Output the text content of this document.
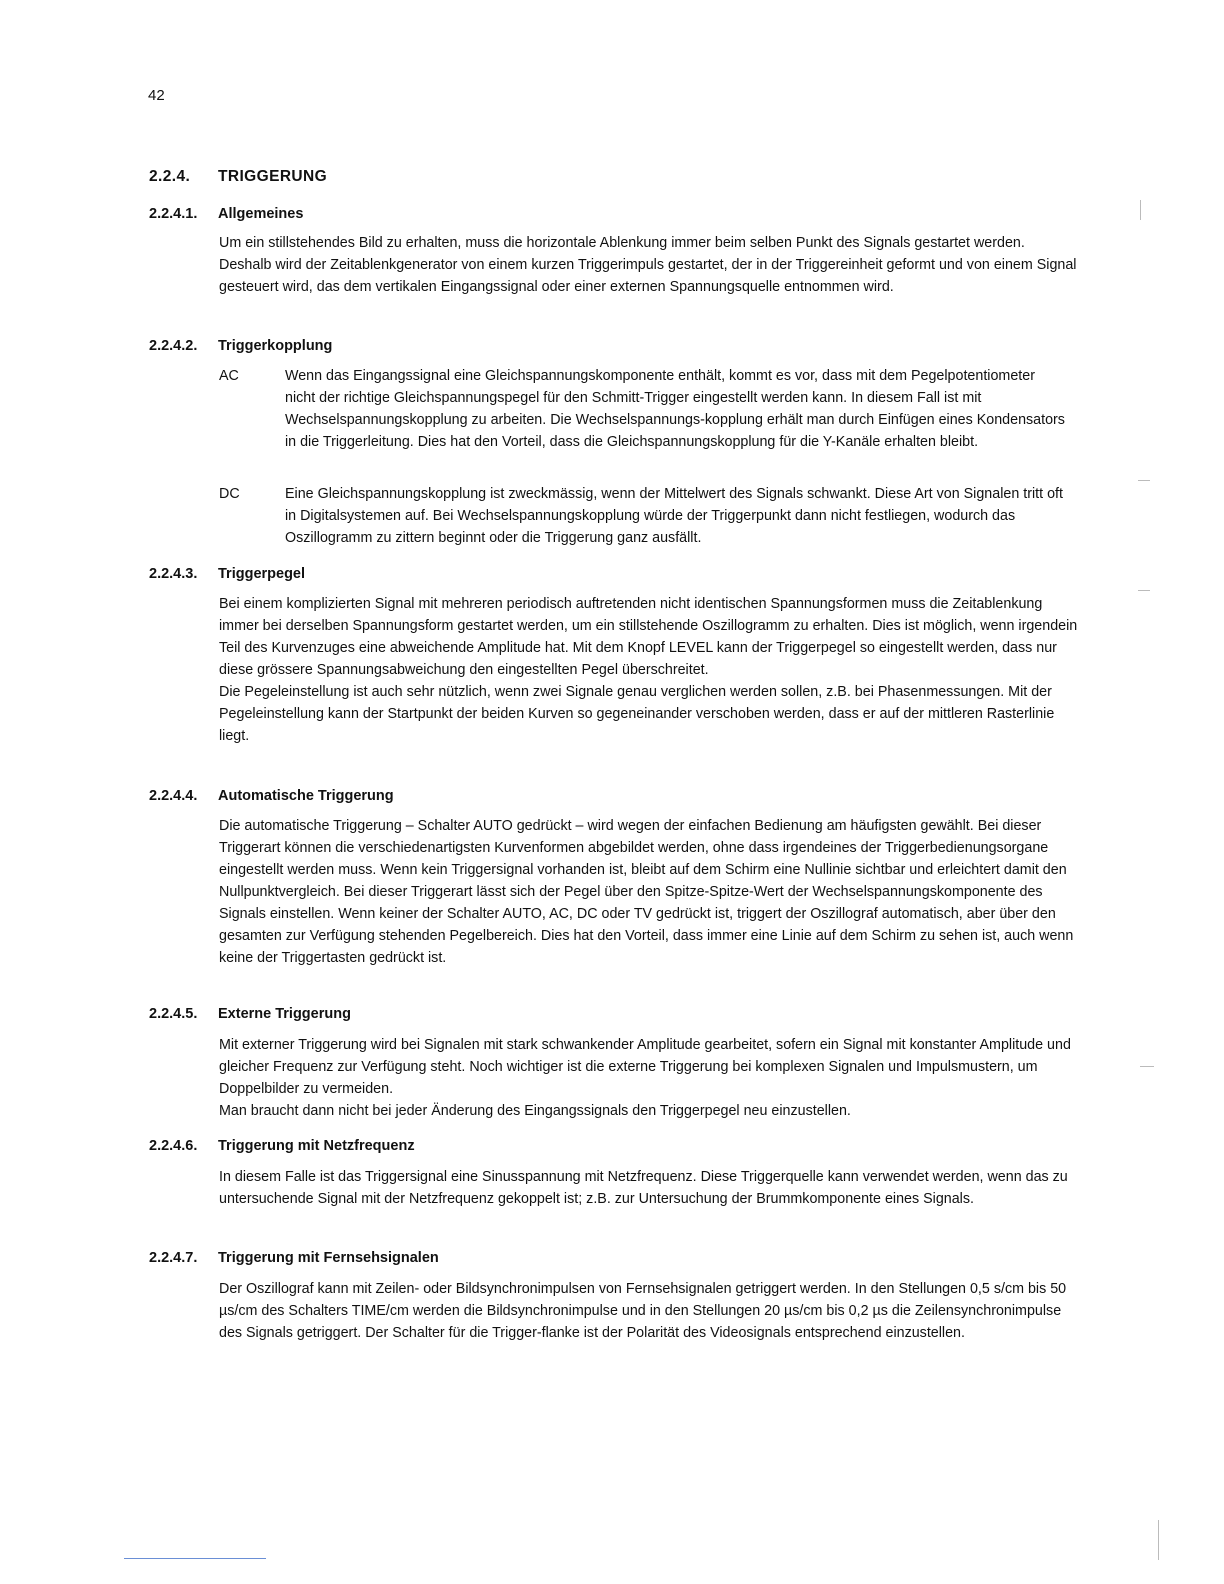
42
2.2.4. TRIGGERUNG
2.2.4.1. Allgemeines

Um ein stillstehendes Bild zu erhalten, muss die horizontale Ablenkung immer beim selben Punkt des Signals gestartet werden. Deshalb wird der Zeitablenkgenerator von einem kurzen Triggerimpuls gestartet, der in der Triggereinheit geformt und von einem Signal gesteuert wird, das dem vertikalen Eingangssignal oder einer externen Spannungsquelle entnommen wird.

2.2.4.2. Triggerkopplung
AC	Wenn das Eingangssignal eine Gleichspannungskomponente enthält, kommt es vor, dass mit dem Pegelpotentiometer nicht der richtige Gleichspannungspegel für den Schmitt-Trigger eingestellt werden kann. In diesem Fall ist mit Wechselspannungskopplung zu arbeiten. Die Wechselspannungs-kopplung erhält man durch Einfügen eines Kondensators in die Triggerleitung. Dies hat den Vorteil, dass die Gleichspannungskopplung für die Y-Kanäle erhalten bleibt.

DC	Eine Gleichspannungskopplung ist zweckmässig, wenn der Mittelwert des Signals schwankt. Diese Art von Signalen tritt oft in Digitalsystemen auf. Bei Wechselspannungskopplung würde der Triggerpunkt dann nicht festliegen, wodurch das Oszillogramm zu zittern beginnt oder die Triggerung ganz ausfällt.

2.2.4.3. Triggerpegel

Bei einem komplizierten Signal mit mehreren periodisch auftretenden nicht identischen Spannungsformen muss die Zeitablenkung immer bei derselben Spannungsform gestartet werden, um ein stillstehende Oszillogramm zu erhalten. Dies ist möglich, wenn irgendein Teil des Kurvenzuges eine abweichende Amplitude hat. Mit dem Knopf LEVEL kann der Triggerpegel so eingestellt werden, dass nur diese grössere Spannungsabweichung den eingestellten Pegel überschreitet.

Die Pegeleinstellung ist auch sehr nützlich, wenn zwei Signale genau verglichen werden sollen, z.B. bei Phasenmessungen. Mit der Pegeleinstellung kann der Startpunkt der beiden Kurven so gegeneinander verschoben werden, dass er auf der mittleren Rasterlinie liegt.

2.2.4.4. Automatische Triggerung

Die automatische Triggerung – Schalter AUTO gedrückt – wird wegen der einfachen Bedienung am häufigsten gewählt. Bei dieser Triggerart können die verschiedenartigsten Kurvenformen abgebildet werden, ohne dass irgendeines der Triggerbedienungsorgane eingestellt werden muss. Wenn kein Triggersignal vorhanden ist, bleibt auf dem Schirm eine Nullinie sichtbar und erleichtert damit den Nullpunktvergleich. Bei dieser Triggerart lässt sich der Pegel über den Spitze-Spitze-Wert der Wechselspannungskomponente des Signals einstellen. Wenn keiner der Schalter AUTO, AC, DC oder TV gedrückt ist, triggert der Oszillograf automatisch, aber über den gesamten zur Verfügung stehenden Pegelbereich. Dies hat den Vorteil, dass immer eine Linie auf dem Schirm zu sehen ist, auch wenn keine der Triggertasten gedrückt ist.

2.2.4.5. Externe Triggerung

Mit externer Triggerung wird bei Signalen mit stark schwankender Amplitude gearbeitet, sofern ein Signal mit konstanter Amplitude und gleicher Frequenz zur Verfügung steht. Noch wichtiger ist die externe Triggerung bei komplexen Signalen und Impulsmustern, um Doppelbilder zu vermeiden.

Man braucht dann nicht bei jeder Änderung des Eingangssignals den Triggerpegel neu einzustellen.

2.2.4.6. Triggerung mit Netzfrequenz

In diesem Falle ist das Triggersignal eine Sinusspannung mit Netzfrequenz. Diese Triggerquelle kann verwendet werden, wenn das zu untersuchende Signal mit der Netzfrequenz gekoppelt ist; z.B. zur Untersuchung der Brummkomponente eines Signals.

2.2.4.7. Triggerung mit Fernsehsignalen

Der Oszillograf kann mit Zeilen- oder Bildsynchronimpulsen von Fernsehsignalen getriggert werden. In den Stellungen 0,5 s/cm bis 50 µs/cm des Schalters TIME/cm werden die Bildsynchronimpulse und in den Stellungen 20 µs/cm bis 0,2 µs die Zeilensynchronimpulse des Signals getriggert. Der Schalter für die Trigger-flanke ist der Polarität des Videosignals entsprechend einzustellen.
